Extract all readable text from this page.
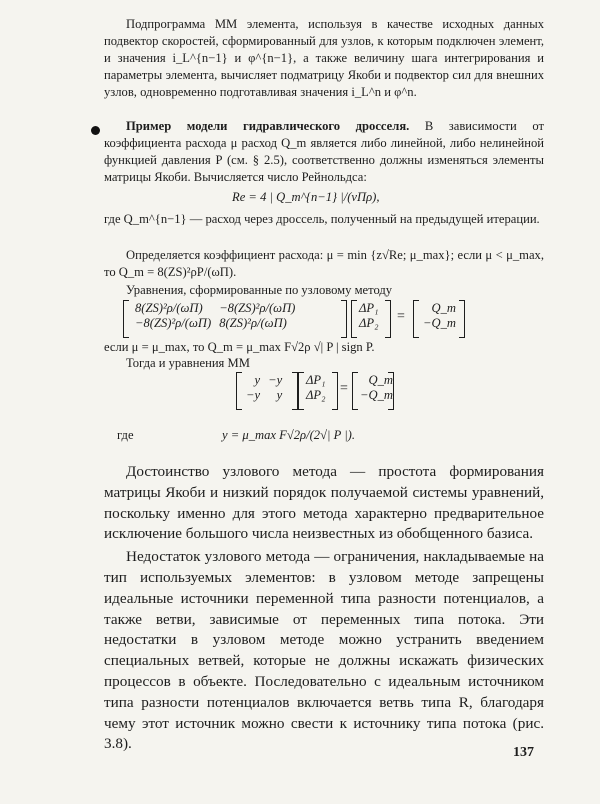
Подпрограмма ММ элемента, используя в качестве исходных данных подвектор скоростей, сформированный для узлов, к которым подключен элемент, и значения i_L^{n−1} и φ^{n−1}, а также величину шага интегрирования и параметры элемента, вычисляет подматрицу Якоби и подвектор сил для внешних узлов, одновременно подготавливая значения i_L^n и φ^n.

Пример модели гидравлического дросселя. В зависимости от коэффициента расхода μ расход Q_m является либо линейной, либо нелинейной функцией давления P (см. § 2.5), соответственно должны изменяться элементы матрицы Якоби. Вычисляется число Рейнольдса:

Re = 4 | Q_m^{n−1} |/(νΠρ),

где Q_m^{n−1} — расход через дроссель, полученный на предыдущей итерации.

Определяется коэффициент расхода: μ = min {z√Re; μ_max}; если μ < μ_max, то Q_m = 8(ZS)²ρP/(ωΠ).

Уравнения, сформированные по узловому методу
8(ZS)²ρ/(ωΠ)	−8(ZS)²ρ/(ωΠ)
−8(ZS)²ρ/(ωΠ)	8(ZS)²ρ/(ωΠ)
ΔP₁
ΔP₂ =
Q_m
−Q_m
если μ = μ_max, то Q_m = μ_max F√2ρ √| P | sign P.
Тогда и уравнения ММ
y	−y
−y	y
ΔP₁
ΔP₂ =
Q_m
−Q_m
где	y = μ_max F√2ρ/(2√| P |).

Достоинство узлового метода — простота формирования матрицы Якоби и низкий порядок получаемой системы уравнений, поскольку именно для этого метода характерно предварительное исключение большого числа неизвестных из обобщенного базиса.

Недостаток узлового метода — ограничения, накладываемые на тип используемых элементов: в узловом методе запрещены идеальные источники переменной типа разности потенциалов, а также ветви, зависимые от переменных типа потока. Эти недостатки в узловом методе можно устранить введением специальных ветвей, которые не должны искажать физических процессов в объекте. Последовательно с идеальным источником типа разности потенциалов включается ветвь типа R, благодаря чему этот источник можно свести к источнику типа потока (рис. 3.8).

137
